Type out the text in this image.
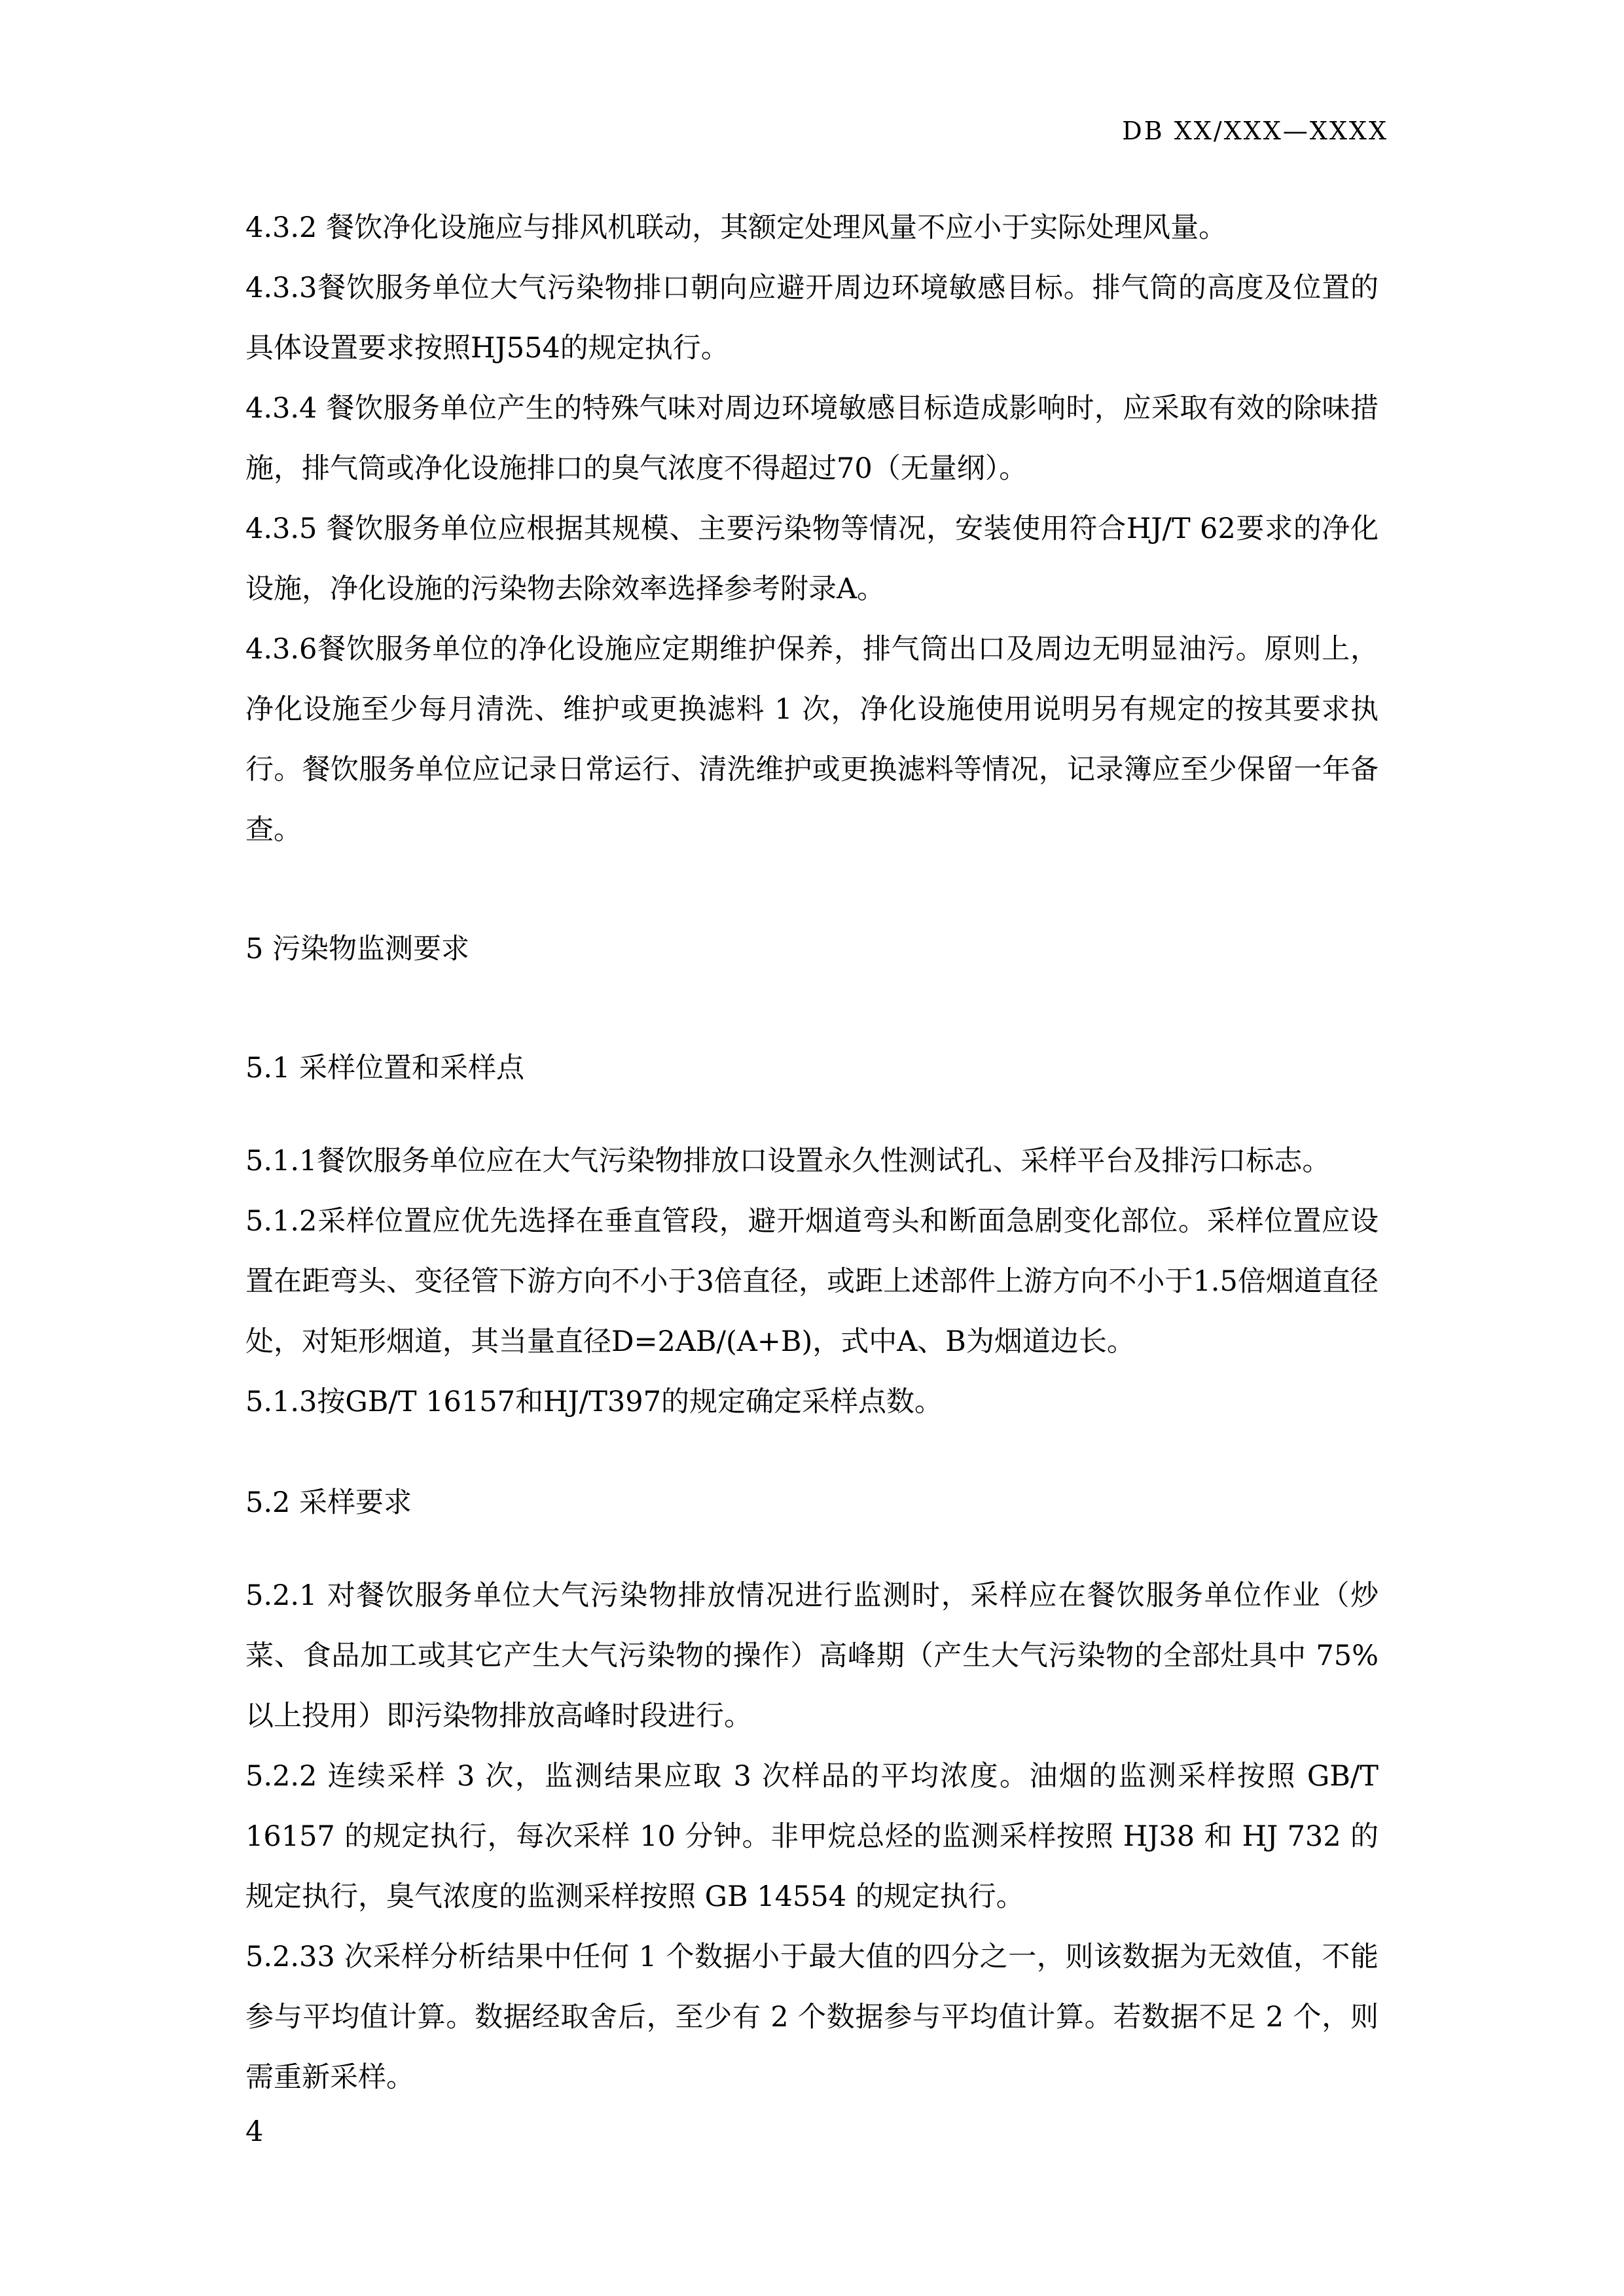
DB XX/XXX—XXXX

4.3.2 餐饮净化设施应与排风机联动，其额定处理风量不应小于实际处理风量。

4.3.3餐饮服务单位大气污染物排口朝向应避开周边环境敏感目标。排气筒的高度及位置的具体设置要求按照HJ554的规定执行。

4.3.4 餐饮服务单位产生的特殊气味对周边环境敏感目标造成影响时，应采取有效的除味措施，排气筒或净化设施排口的臭气浓度不得超过70（无量纲）。

4.3.5 餐饮服务单位应根据其规模、主要污染物等情况，安装使用符合HJ/T 62要求的净化设施，净化设施的污染物去除效率选择参考附录A。

4.3.6餐饮服务单位的净化设施应定期维护保养，排气筒出口及周边无明显油污。原则上，净化设施至少每月清洗、维护或更换滤料 1 次，净化设施使用说明另有规定的按其要求执行。餐饮服务单位应记录日常运行、清洗维护或更换滤料等情况，记录簿应至少保留一年备查。

5 污染物监测要求

5.1 采样位置和采样点

5.1.1餐饮服务单位应在大气污染物排放口设置永久性测试孔、采样平台及排污口标志。

5.1.2采样位置应优先选择在垂直管段，避开烟道弯头和断面急剧变化部位。采样位置应设置在距弯头、变径管下游方向不小于3倍直径，或距上述部件上游方向不小于1.5倍烟道直径处，对矩形烟道，其当量直径D=2AB/(A+B)，式中A、B为烟道边长。

5.1.3按GB/T 16157和HJ/T397的规定确定采样点数。

5.2 采样要求

5.2.1 对餐饮服务单位大气污染物排放情况进行监测时，采样应在餐饮服务单位作业（炒菜、食品加工或其它产生大气污染物的操作）高峰期（产生大气污染物的全部灶具中 75% 以上投用）即污染物排放高峰时段进行。

5.2.2 连续采样 3 次，监测结果应取 3 次样品的平均浓度。油烟的监测采样按照 GB/T 16157 的规定执行，每次采样 10 分钟。非甲烷总烃的监测采样按照 HJ38 和 HJ 732 的规定执行，臭气浓度的监测采样按照 GB 14554 的规定执行。

5.2.33 次采样分析结果中任何 1 个数据小于最大值的四分之一，则该数据为无效值，不能参与平均值计算。数据经取舍后，至少有 2 个数据参与平均值计算。若数据不足 2 个，则需重新采样。

4
